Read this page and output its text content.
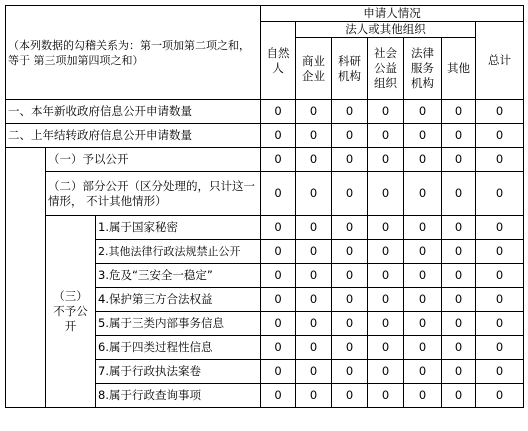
（本列数据的勾稽关系为：第一项加第二项之和，等于 第三项加第四项之和）			申请人情况						
			自然人	法人或其他组织					总计
				商业企业	科研机构	社会公益组织	法律服务机构	其他	
一、本年新收政府信息公开申请数量			0	0	0	0	0	0	0
二、上年结转政府信息公开申请数量			0	0	0	0	0	0	0
	（一）予以公开		0	0	0	0	0	0	0
	（二）部分公开（区分处理的，只计这一情形， 不计其他情形）		0	0	0	0	0	0	0
	（三）不予公开	1.属于国家秘密	0	0	0	0	0	0	0
		2.其他法律行政法规禁止公开	0	0	0	0	0	0	0
		3.危及“三安全一稳定”	0	0	0	0	0	0	0
		4.保护第三方合法权益	0	0	0	0	0	0	0
		5.属于三类内部事务信息	0	0	0	0	0	0	0
		6.属于四类过程性信息	0	0	0	0	0	0	0
		7.属于行政执法案卷	0	0	0	0	0	0	0
		8.属于行政查询事项	0	0	0	0	0	0	0
